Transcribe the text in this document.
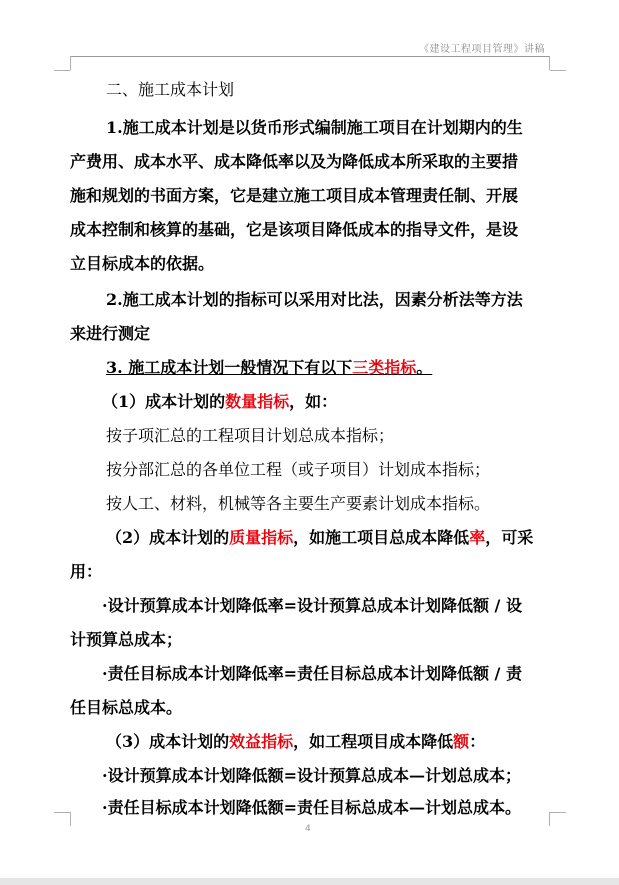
《建设工程项目管理》讲稿
二、施工成本计划
1.施工成本计划是以货币形式编制施工项目在计划期内的生
产费用、成本水平、成本降低率以及为降低成本所采取的主要措
施和规划的书面方案，它是建立施工项目成本管理责任制、开展
成本控制和核算的基础，它是该项目降低成本的指导文件，是设
立目标成本的依据。
2.施工成本计划的指标可以采用对比法，因素分析法等方法
来进行测定
3. 施工成本计划一般情况下有以下三类指标。
（1）成本计划的数量指标，如：
按子项汇总的工程项目计划总成本指标；
按分部汇总的各单位工程（或子项目）计划成本指标；
按人工、材料，机械等各主要生产要素计划成本指标。
（2）成本计划的质量指标，如施工项目总成本降低率，可采
用：
·设计预算成本计划降低率=设计预算总成本计划降低额 / 设
计预算总成本；
·责任目标成本计划降低率=责任目标总成本计划降低额 / 责
任目标总成本。
（3）成本计划的效益指标，如工程项目成本降低额：
·设计预算成本计划降低额=设计预算总成本—计划总成本；
·责任目标成本计划降低额=责任目标总成本—计划总成本。
4
